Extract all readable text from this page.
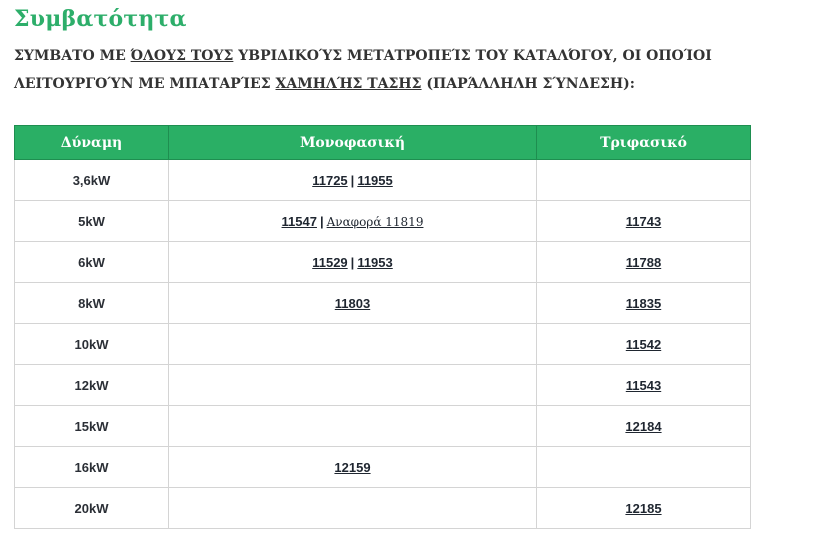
Συμβατότητα
ΣΥΜΒΑΤΟ ΜΕ ΌΛΟΥΣ ΤΟΥΣ ΥΒΡΙΔΙΚΟΎΣ ΜΕΤΑΤΡΟΠΕΊΣ ΤΟΥ ΚΑΤΑΛΌΓΟΥ, ΟΙ ΟΠΟΊΟΙ ΛΕΙΤΟΥΡΓΟΎΝ ΜΕ ΜΠΑΤΑΡΊΕΣ ΧΑΜΗΛΉΣ ΤΑΣΗΣ (ΠΑΡΆΛΛΗΛΗ ΣΎΝΔΕΣΗ):
Δύναμη	Μονοφασική	Τριφασικό
3,6kW	11725 | 11955	
5kW	11547 | Αναφορά 11819	11743
6kW	11529 | 11953	11788
8kW	11803	11835
10kW		11542
12kW		11543
15kW		12184
16kW	12159	
20kW		12185
